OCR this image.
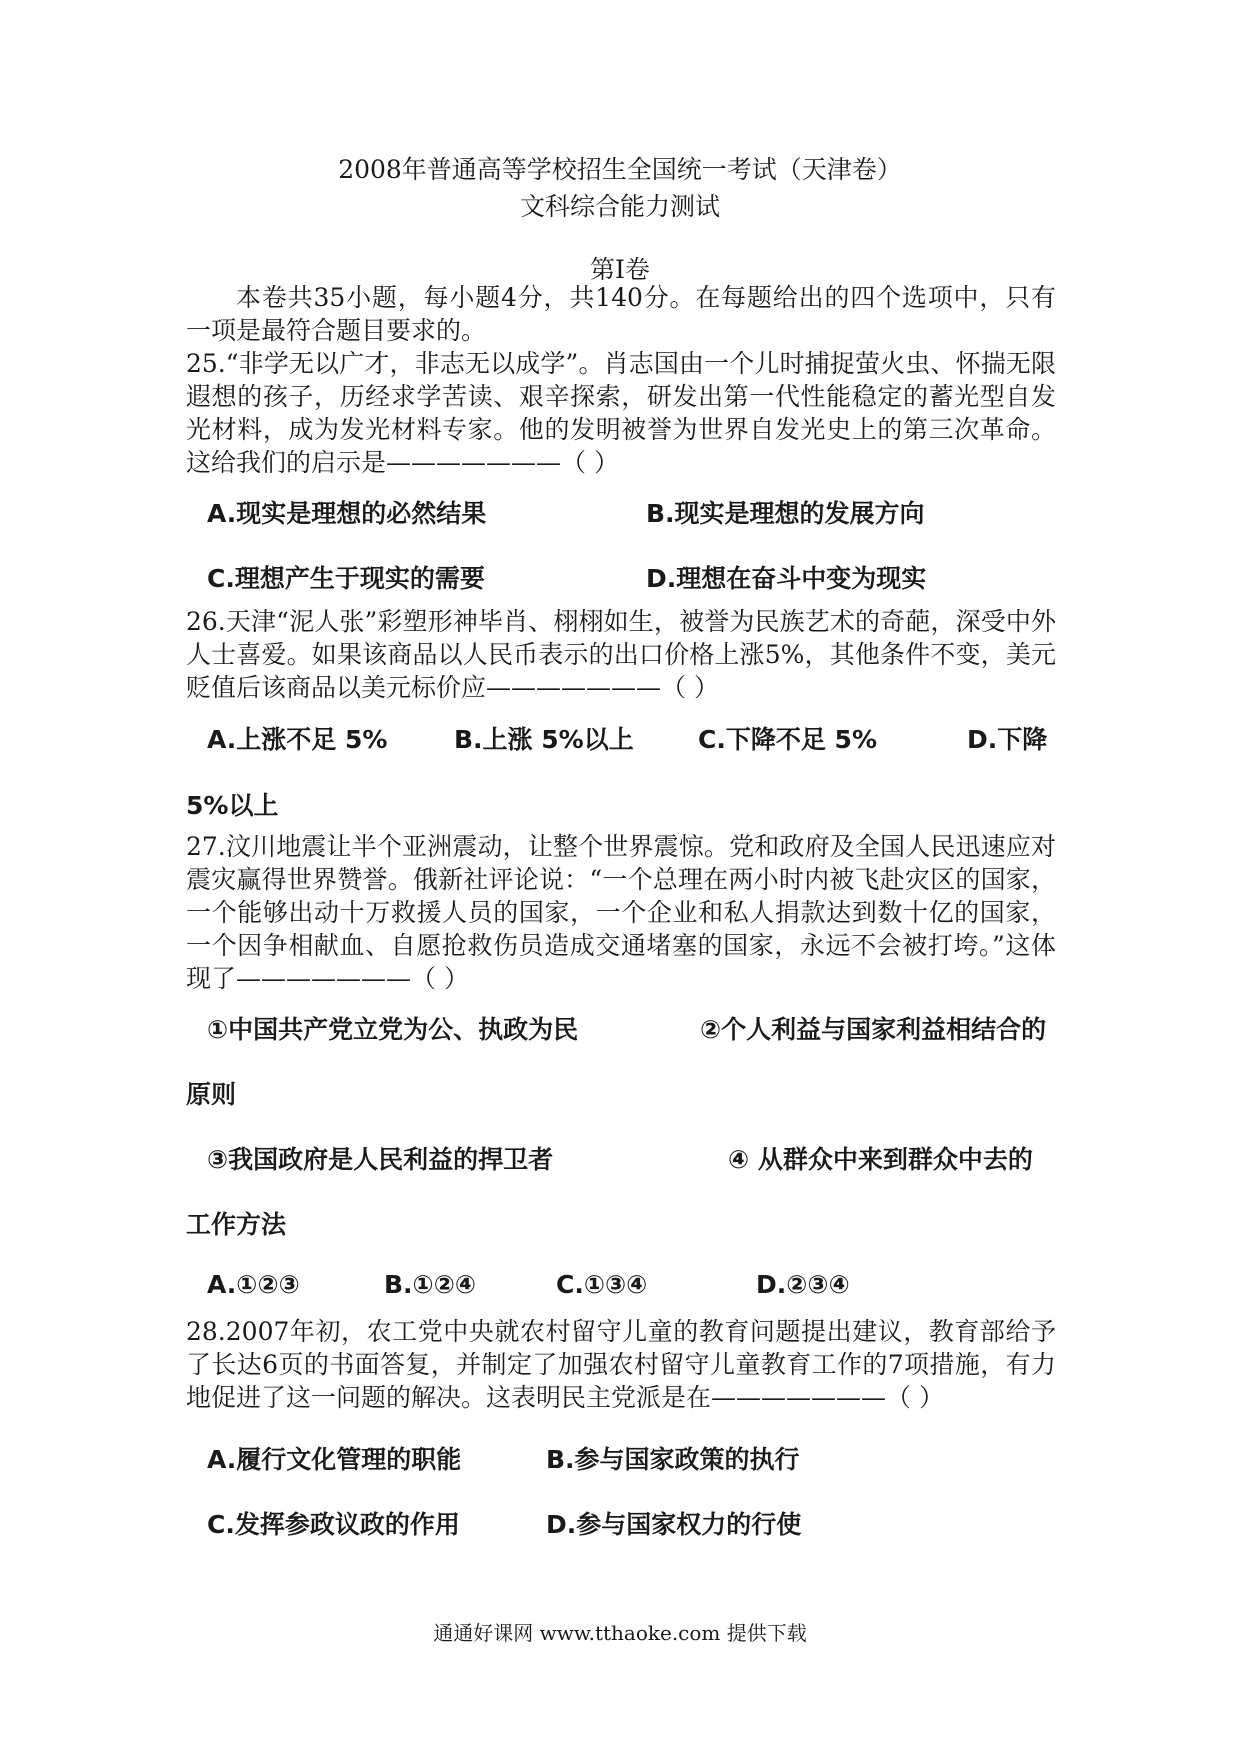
2008年普通高等学校招生全国统一考试（天津卷）
文科综合能力测试
第Ⅰ卷
本卷共35小题，每小题4分，共140分。在每题给出的四个选项中，只有一项是最符合题目要求的。
25.“非学无以广才，非志无以成学”。肖志国由一个儿时捕捉萤火虫、怀揣无限遐想的孩子，历经求学苦读、艰辛探索，研发出第一代性能稳定的蓄光型自发光材料，成为发光材料专家。他的发明被誉为世界自发光史上的第三次革命。这给我们的启示是———————（ ）
A.现实是理想的必然结果	B.现实是理想的发展方向
C.理想产生于现实的需要	D.理想在奋斗中变为现实
26.天津“泥人张”彩塑形神毕肖、栩栩如生，被誉为民族艺术的奇葩，深受中外人士喜爱。如果该商品以人民币表示的出口价格上涨5%，其他条件不变，美元贬值后该商品以美元标价应———————（ ）
A.上涨不足 5%	B.上涨 5%以上	C.下降不足 5%	D.下降
5%以上
27.汶川地震让半个亚洲震动，让整个世界震惊。党和政府及全国人民迅速应对震灾赢得世界赞誉。俄新社评论说：“一个总理在两小时内被飞赴灾区的国家，一个能够出动十万救援人员的国家，一个企业和私人捐款达到数十亿的国家，一个因争相献血、自愿抢救伤员造成交通堵塞的国家，永远不会被打垮。”这体现了———————（ ）
①中国共产党立党为公、执政为民	②个人利益与国家利益相结合的
原则
③我国政府是人民利益的捍卫者	④ 从群众中来到群众中去的
工作方法
A.①②③	B.①②④	C.①③④	D.②③④
28.2007年初，农工党中央就农村留守儿童的教育问题提出建议，教育部给予了长达6页的书面答复，并制定了加强农村留守儿童教育工作的7项措施，有力地促进了这一问题的解决。这表明民主党派是在———————（ ）
A.履行文化管理的职能	B.参与国家政策的执行
C.发挥参政议政的作用	D.参与国家权力的行使
通通好课网 www.tthaoke.com 提供下载
